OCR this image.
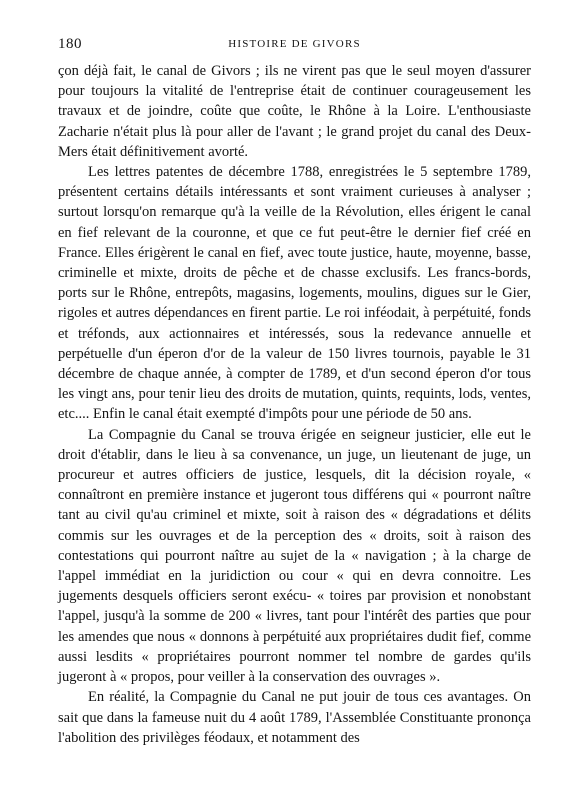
180	HISTOIRE DE GIVORS

çon déjà fait, le canal de Givors ; ils ne virent pas que le seul moyen d'assurer pour toujours la vitalité de l'entreprise était de continuer courageusement les travaux et de joindre, coûte que coûte, le Rhône à la Loire. L'enthousiaste Zacharie n'était plus là pour aller de l'avant ; le grand projet du canal des Deux-Mers était définitivement avorté.

Les lettres patentes de décembre 1788, enregistrées le 5 septembre 1789, présentent certains détails intéressants et sont vraiment curieuses à analyser ; surtout lorsqu'on remarque qu'à la veille de la Révolution, elles érigent le canal en fief relevant de la couronne, et que ce fut peut-être le dernier fief créé en France. Elles érigèrent le canal en fief, avec toute justice, haute, moyenne, basse, criminelle et mixte, droits de pêche et de chasse exclusifs. Les francs-bords, ports sur le Rhône, entrepôts, magasins, logements, moulins, digues sur le Gier, rigoles et autres dépendances en firent partie. Le roi inféodait, à perpétuité, fonds et tréfonds, aux actionnaires et intéressés, sous la redevance annuelle et perpétuelle d'un éperon d'or de la valeur de 150 livres tournois, payable le 31 décembre de chaque année, à compter de 1789, et d'un second éperon d'or tous les vingt ans, pour tenir lieu des droits de mutation, quints, requints, lods, ventes, etc.... Enfin le canal était exempté d'impôts pour une période de 50 ans.

La Compagnie du Canal se trouva érigée en seigneur justicier, elle eut le droit d'établir, dans le lieu à sa convenance, un juge, un lieutenant de juge, un procureur et autres officiers de justice, lesquels, dit la décision royale, « connaîtront en première instance et jugeront tous différens qui « pourront naître tant au civil qu'au criminel et mixte, soit à raison des « dégradations et délits commis sur les ouvrages et de la perception des « droits, soit à raison des contestations qui pourront naître au sujet de la « navigation ; à la charge de l'appel immédiat en la juridiction ou cour « qui en devra connoitre. Les jugements desquels officiers seront exécu- « toires par provision et nonobstant l'appel, jusqu'à la somme de 200 « livres, tant pour l'intérêt des parties que pour les amendes que nous « donnons à perpétuité aux propriétaires dudit fief, comme aussi lesdits « propriétaires pourront nommer tel nombre de gardes qu'ils jugeront à « propos, pour veiller à la conservation des ouvrages ».

En réalité, la Compagnie du Canal ne put jouir de tous ces avantages. On sait que dans la fameuse nuit du 4 août 1789, l'Assemblée Constituante prononça l'abolition des privilèges féodaux, et notamment des
